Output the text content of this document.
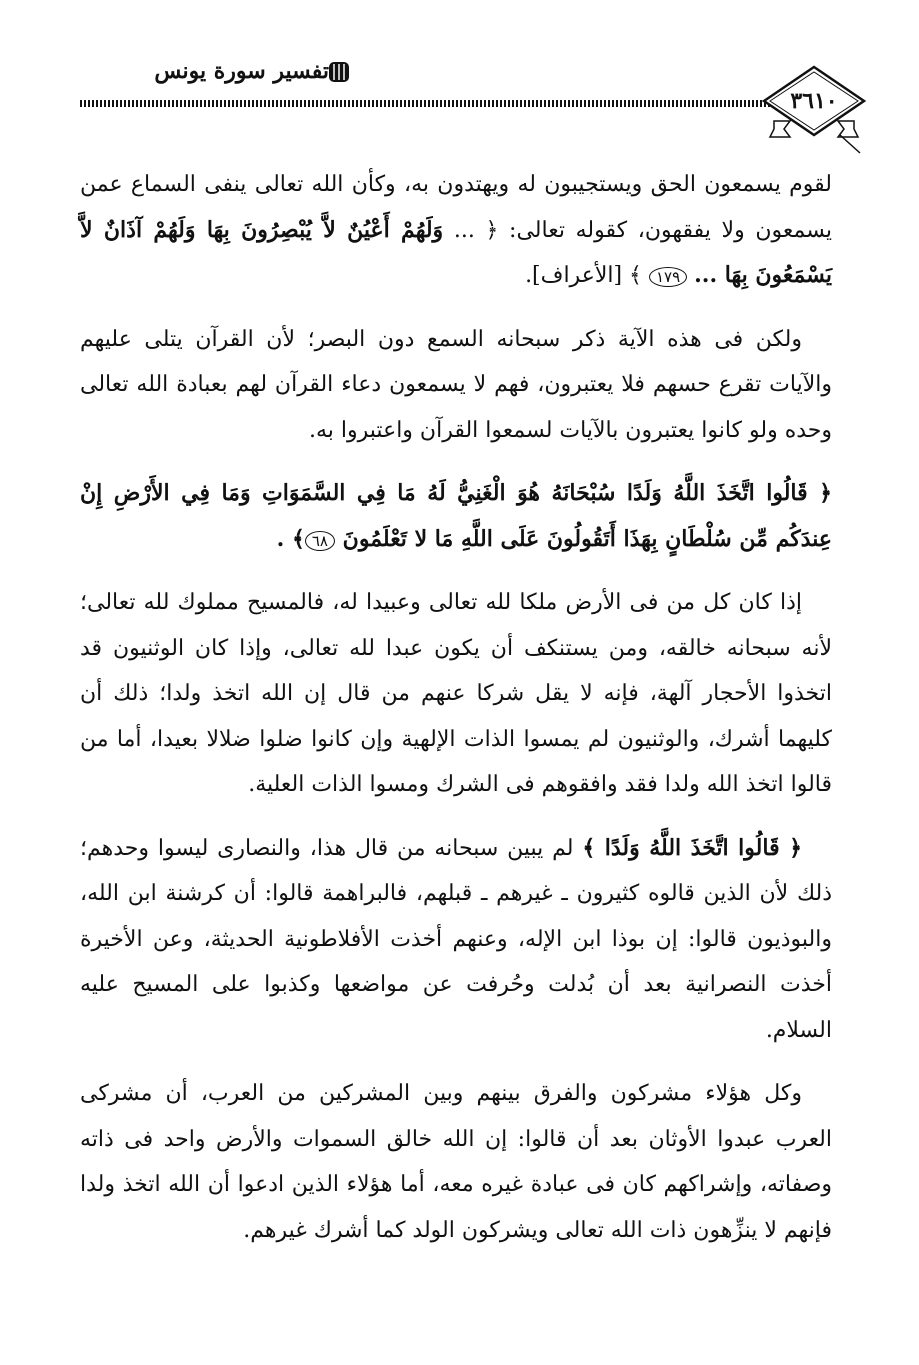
تفسير سورة يونس
٣٦١٠

لقوم يسمعون الحق ويستجيبون له ويهتدون به، وكأن الله تعالى ينفى السماع عمن يسمعون ولا يفقهون، كقوله تعالى: ﴿ ... وَلَهُمْ أَعْيُنٌ لاَّ يُبْصِرُونَ بِهَا وَلَهُمْ آذَانٌ لاَّ يَسْمَعُونَ بِهَا ... ١٧٩ ﴾ [الأعراف].

ولكن فى هذه الآية ذكر سبحانه السمع دون البصر؛ لأن القرآن يتلى عليهم والآيات تقرع حسهم فلا يعتبرون، فهم لا يسمعون دعاء القرآن لهم بعبادة الله تعالى وحده ولو كانوا يعتبرون بالآيات لسمعوا القرآن واعتبروا به.

﴿ قَالُوا اتَّخَذَ اللَّهُ وَلَدًا سُبْحَانَهُ هُوَ الْغَنِيُّ لَهُ مَا فِي السَّمَوَاتِ وَمَا فِي الأَرْضِ إِنْ عِندَكُم مِّن سُلْطَانٍ بِهَذَا أَتَقُولُونَ عَلَى اللَّهِ مَا لا تَعْلَمُونَ ٦٨﴾ .

إذا كان كل من فى الأرض ملكا لله تعالى وعبيدا له، فالمسيح مملوك لله تعالى؛ لأنه سبحانه خالقه، ومن يستنكف أن يكون عبدا لله تعالى، وإذا كان الوثنيون قد اتخذوا الأحجار آلهة، فإنه لا يقل شركا عنهم من قال إن الله اتخذ ولدا؛ ذلك أن كليهما أشرك، والوثنيون لم يمسوا الذات الإلهية وإن كانوا ضلوا ضلالا بعيدا، أما من قالوا اتخذ الله ولدا فقد وافقوهم فى الشرك ومسوا الذات العلية.

﴿ قَالُوا اتَّخَذَ اللَّهُ وَلَدًا ﴾ لم يبين سبحانه من قال هذا، والنصارى ليسوا وحدهم؛ ذلك لأن الذين قالوه كثيرون ـ غيرهم ـ قبلهم، فالبراهمة قالوا: أن كرشنة ابن الله، والبوذيون قالوا: إن بوذا ابن الإله، وعنهم أخذت الأفلاطونية الحديثة، وعن الأخيرة أخذت النصرانية بعد أن بُدلت وحُرفت عن مواضعها وكذبوا على المسيح عليه السلام.

وكل هؤلاء مشركون والفرق بينهم وبين المشركين من العرب، أن مشركى العرب عبدوا الأوثان بعد أن قالوا: إن الله خالق السموات والأرض واحد فى ذاته وصفاته، وإشراكهم كان فى عبادة غيره معه، أما هؤلاء الذين ادعوا أن الله اتخذ ولدا فإنهم لا ينزِّهون ذات الله تعالى ويشركون الولد كما أشرك غيرهم.
